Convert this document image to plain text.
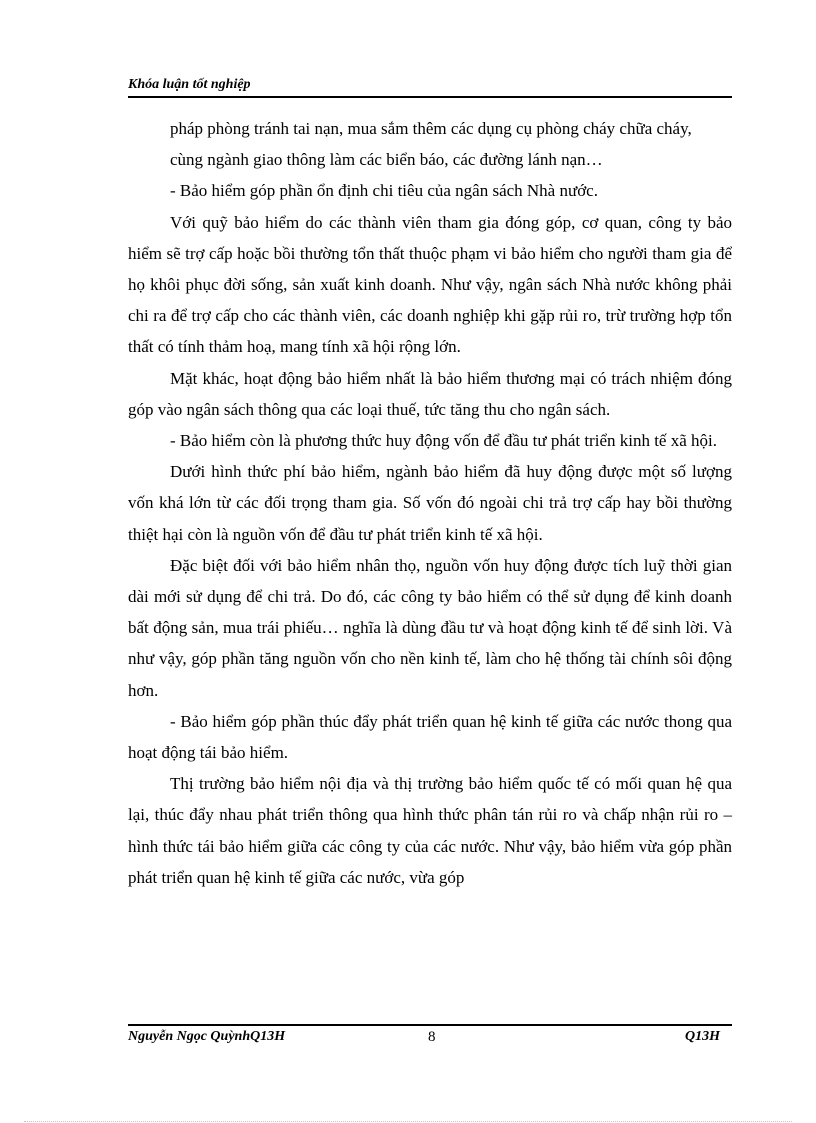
Khóa luận tốt nghiệp

pháp phòng tránh tai nạn, mua sắm thêm các dụng cụ phòng cháy chữa cháy,

cùng ngành giao thông làm các biển báo, các đường lánh nạn…

- Bảo hiểm góp phần ổn định chi tiêu của ngân sách Nhà nước.

Với quỹ bảo hiểm do các thành viên tham gia đóng góp, cơ quan, công ty bảo hiểm sẽ trợ cấp hoặc bồi thường tổn thất thuộc phạm vi bảo hiểm cho người tham gia để họ khôi phục đời sống, sản xuất kinh doanh. Như vậy, ngân sách Nhà nước không phải chi ra để trợ cấp cho các thành viên, các doanh nghiệp khi gặp rủi ro, trừ trường hợp tổn thất có tính thảm hoạ, mang tính xã hội rộng lớn.

Mặt khác, hoạt động bảo hiểm nhất là bảo hiểm thương mại có trách nhiệm đóng góp vào ngân sách thông qua các loại thuế, tức tăng thu cho ngân sách.

- Bảo hiểm còn là phương thức huy động vốn để đầu tư phát triển kinh tế xã hội.

Dưới hình thức phí bảo hiểm, ngành bảo hiểm đã huy động được một số lượng vốn khá lớn từ các đối trọng tham gia. Số vốn đó ngoài chi trả trợ cấp hay bồi thường thiệt hại còn là nguồn vốn để đầu tư phát triển kinh tế xã hội.

Đặc biệt đối với bảo hiểm nhân thọ, nguồn vốn huy động được tích luỹ thời gian dài mới sử dụng để chi trả. Do đó, các công ty bảo hiểm có thể sử dụng để kinh doanh bất động sản, mua trái phiếu… nghĩa là dùng đầu tư và hoạt động kinh tế để sinh lời. Và như vậy, góp phần tăng nguồn vốn cho nền kinh tế, làm cho hệ thống tài chính sôi động hơn.

- Bảo hiểm góp phần thúc đẩy phát triển quan hệ kinh tế giữa các nước thong qua hoạt động tái bảo hiểm.

Thị trường bảo hiểm nội địa và thị trường bảo hiểm quốc tế có mối quan hệ qua lại, thúc đẩy nhau phát triển thông qua hình thức phân tán rủi ro và chấp nhận rủi ro – hình thức tái bảo hiểm giữa các công ty của các nước. Như vậy, bảo hiểm vừa góp phần phát triển quan hệ kinh tế giữa các nước, vừa góp

Nguyễn Ngọc QuỳnhQ13H	8	Q13H
